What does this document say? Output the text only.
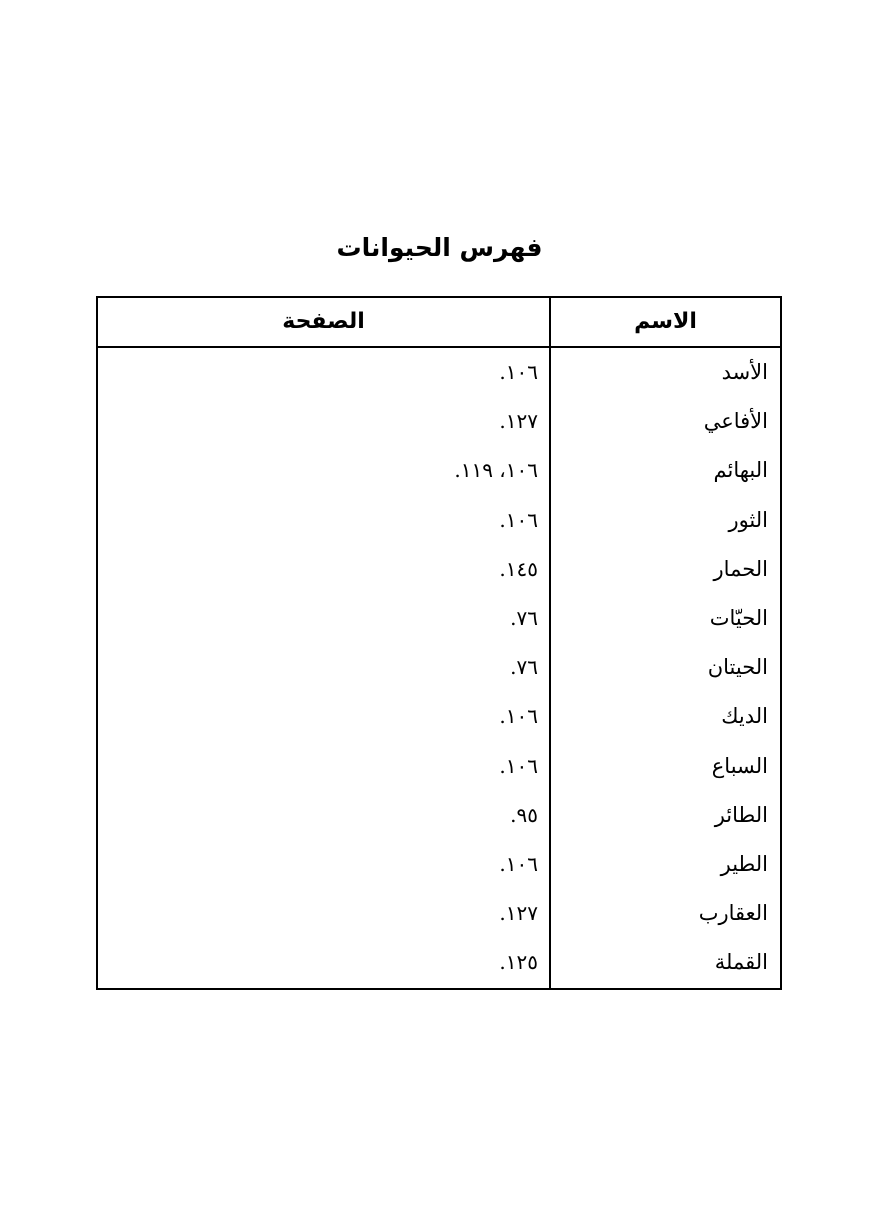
فهرس الحيوانات
الاسم
الصفحة
الأسد
١٠٦.
الأفاعي
١٢٧.
البهائم
١٠٦، ١١٩.
الثور
١٠٦.
الحمار
١٤٥.
الحيّات
٧٦.
الحيتان
٧٦.
الديك
١٠٦.
السباع
١٠٦.
الطائر
٩٥.
الطير
١٠٦.
العقارب
١٢٧.
القملة
١٢٥.
